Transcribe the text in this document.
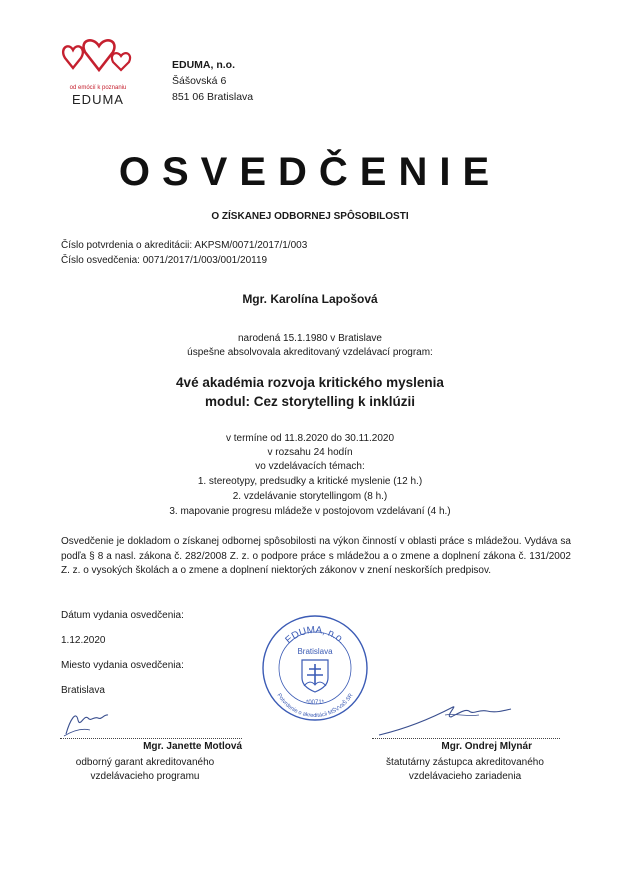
od emócií k poznaniu
EDUMA
EDUMA, n.o.
Šášovská 6
851 06 Bratislava
OSVEDČENIE
O ZÍSKANEJ ODBORNEJ SPÔSOBILOSTI
Číslo potvrdenia o akreditácii: AKPSM/0071/2017/1/003
Číslo osvedčenia: 0071/2017/1/003/001/20119
Mgr. Karolína Lapošová
narodená 15.1.1980 v Bratislave
úspešne absolvovala akreditovaný vzdelávací program:
4vé akadémia rozvoja kritického myslenia
modul: Cez storytelling k inklúzii
v termíne od 11.8.2020 do 30.11.2020
v rozsahu 24 hodín
vo vzdelávacích témach:
1. stereotypy, predsudky a kritické myslenie (12 h.)
2. vzdelávanie storytellingom (8 h.)
3. mapovanie progresu mládeže v postojovom vzdelávaní (4 h.)
Osvedčenie je dokladom o získanej odbornej spôsobilosti na výkon činností v oblasti práce s mládežou. Vydáva sa podľa § 8 a nasl. zákona č. 282/2008 Z. z. o podpore práce s mládežou a o zmene a doplnení zákona č. 131/2002 Z. z. o vysokých školách a o zmene a doplnení niektorých zákonov v znení neskorších predpisov.
Dátum vydania osvedčenia:
1.12.2020
Miesto vydania osvedčenia:
Bratislava
EDUMA, n.o.
Bratislava
*0071*
Potvrdenie o akreditácii MŠVVaŠ SR
Mgr. Janette Motlová
odborný garant akreditovaného
vzdelávacieho programu
Mgr. Ondrej Mlynár
štatutárny zástupca akreditovaného
vzdelávacieho zariadenia
